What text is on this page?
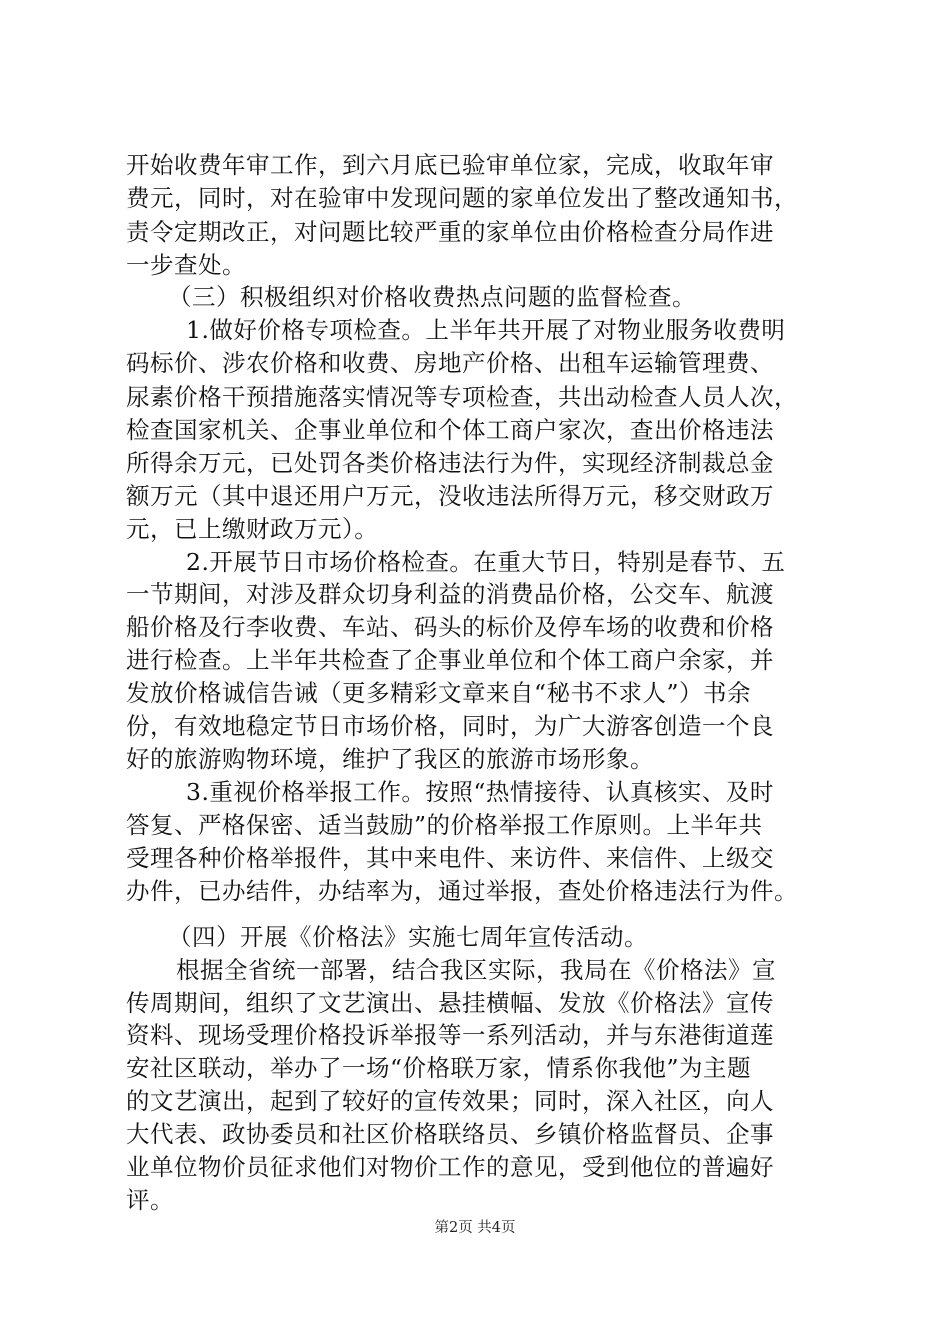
开始收费年审工作，到六月底已验审单位家，完成，收取年审
费元，同时，对在验审中发现问题的家单位发出了整改通知书，
责令定期改正，对问题比较严重的家单位由价格检查分局作进
一步查处。
（三）积极组织对价格收费热点问题的监督检查。
1.做好价格专项检查。上半年共开展了对物业服务收费明
码标价、涉农价格和收费、房地产价格、出租车运输管理费、
尿素价格干预措施落实情况等专项检查，共出动检查人员人次，
检查国家机关、企事业单位和个体工商户家次，查出价格违法
所得余万元，已处罚各类价格违法行为件，实现经济制裁总金
额万元（其中退还用户万元，没收违法所得万元，移交财政万
元，已上缴财政万元）。
2.开展节日市场价格检查。在重大节日，特别是春节、五
一节期间，对涉及群众切身利益的消费品价格，公交车、航渡
船价格及行李收费、车站、码头的标价及停车场的收费和价格
进行检查。上半年共检查了企事业单位和个体工商户余家，并
发放价格诚信告诫（更多精彩文章来自“秘书不求人”）书余
份，有效地稳定节日市场价格，同时，为广大游客创造一个良
好的旅游购物环境，维护了我区的旅游市场形象。
3.重视价格举报工作。按照“热情接待、认真核实、及时
答复、严格保密、适当鼓励”的价格举报工作原则。上半年共
受理各种价格举报件，其中来电件、来访件、来信件、上级交
办件，已办结件，办结率为，通过举报，查处价格违法行为件。
（四）开展《价格法》实施七周年宣传活动。
根据全省统一部署，结合我区实际，我局在《价格法》宣
传周期间，组织了文艺演出、悬挂横幅、发放《价格法》宣传
资料、现场受理价格投诉举报等一系列活动，并与东港街道莲
安社区联动，举办了一场“价格联万家，情系你我他”为主题
的文艺演出，起到了较好的宣传效果；同时，深入社区，向人
大代表、政协委员和社区价格联络员、乡镇价格监督员、企事
业单位物价员征求他们对物价工作的意见，受到他位的普遍好
评。
第2页 共4页
